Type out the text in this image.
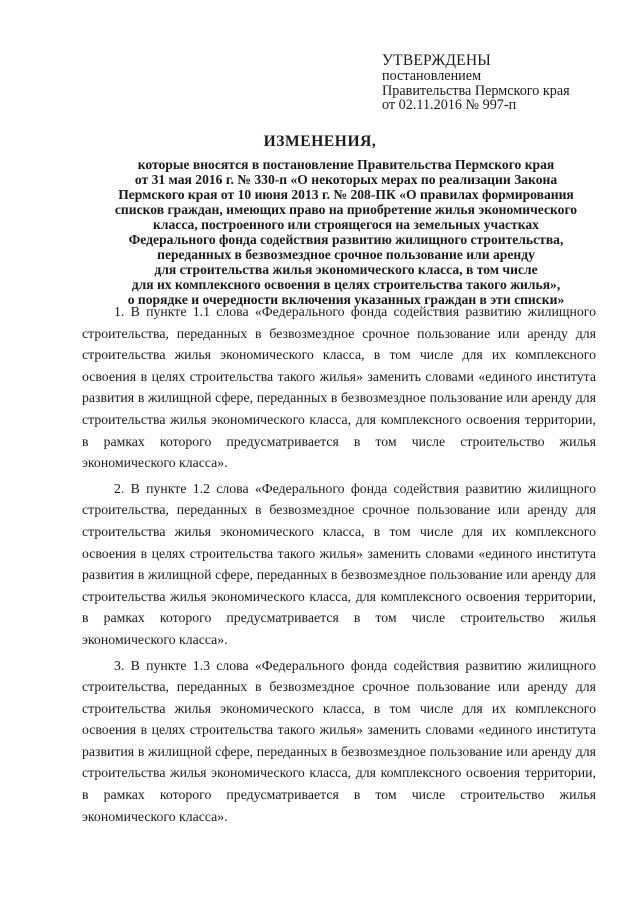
УТВЕРЖДЕНЫ
постановлением
Правительства Пермского края
от 02.11.2016 № 997-п
ИЗМЕНЕНИЯ,
которые вносятся в постановление Правительства Пермского края
от 31 мая 2016 г. № 330-п «О некоторых мерах по реализации Закона
Пермского края от 10 июня 2013 г. № 208-ПК «О правилах формирования
списков граждан, имеющих право на приобретение жилья экономического
класса, построенного или строящегося на земельных участках
Федерального фонда содействия развитию жилищного строительства,
переданных в безвозмездное срочное пользование или аренду
для строительства жилья экономического класса, в том числе
для их комплексного освоения в целях строительства такого жилья»,
о порядке и очередности включения указанных граждан в эти списки»

1. В пункте 1.1 слова «Федерального фонда содействия развитию жилищного строительства, переданных в безвозмездное срочное пользование или аренду для строительства жилья экономического класса, в том числе для их комплексного освоения в целях строительства такого жилья» заменить словами «единого института развития в жилищной сфере, переданных в безвозмездное пользование или аренду для строительства жилья экономического класса, для комплексного освоения территории, в рамках которого предусматривается в том числе строительство жилья экономического класса».

2. В пункте 1.2 слова «Федерального фонда содействия развитию жилищного строительства, переданных в безвозмездное срочное пользование или аренду для строительства жилья экономического класса, в том числе для их комплексного освоения в целях строительства такого жилья» заменить словами «единого института развития в жилищной сфере, переданных в безвозмездное пользование или аренду для строительства жилья экономического класса, для комплексного освоения территории, в рамках которого предусматривается в том числе строительство жилья экономического класса».

3. В пункте 1.3 слова «Федерального фонда содействия развитию жилищного строительства, переданных в безвозмездное срочное пользование или аренду для строительства жилья экономического класса, в том числе для их комплексного освоения в целях строительства такого жилья» заменить словами «единого института развития в жилищной сфере, переданных в безвозмездное пользование или аренду для строительства жилья экономического класса, для комплексного освоения территории, в рамках которого предусматривается в том числе строительство жилья экономического класса».
